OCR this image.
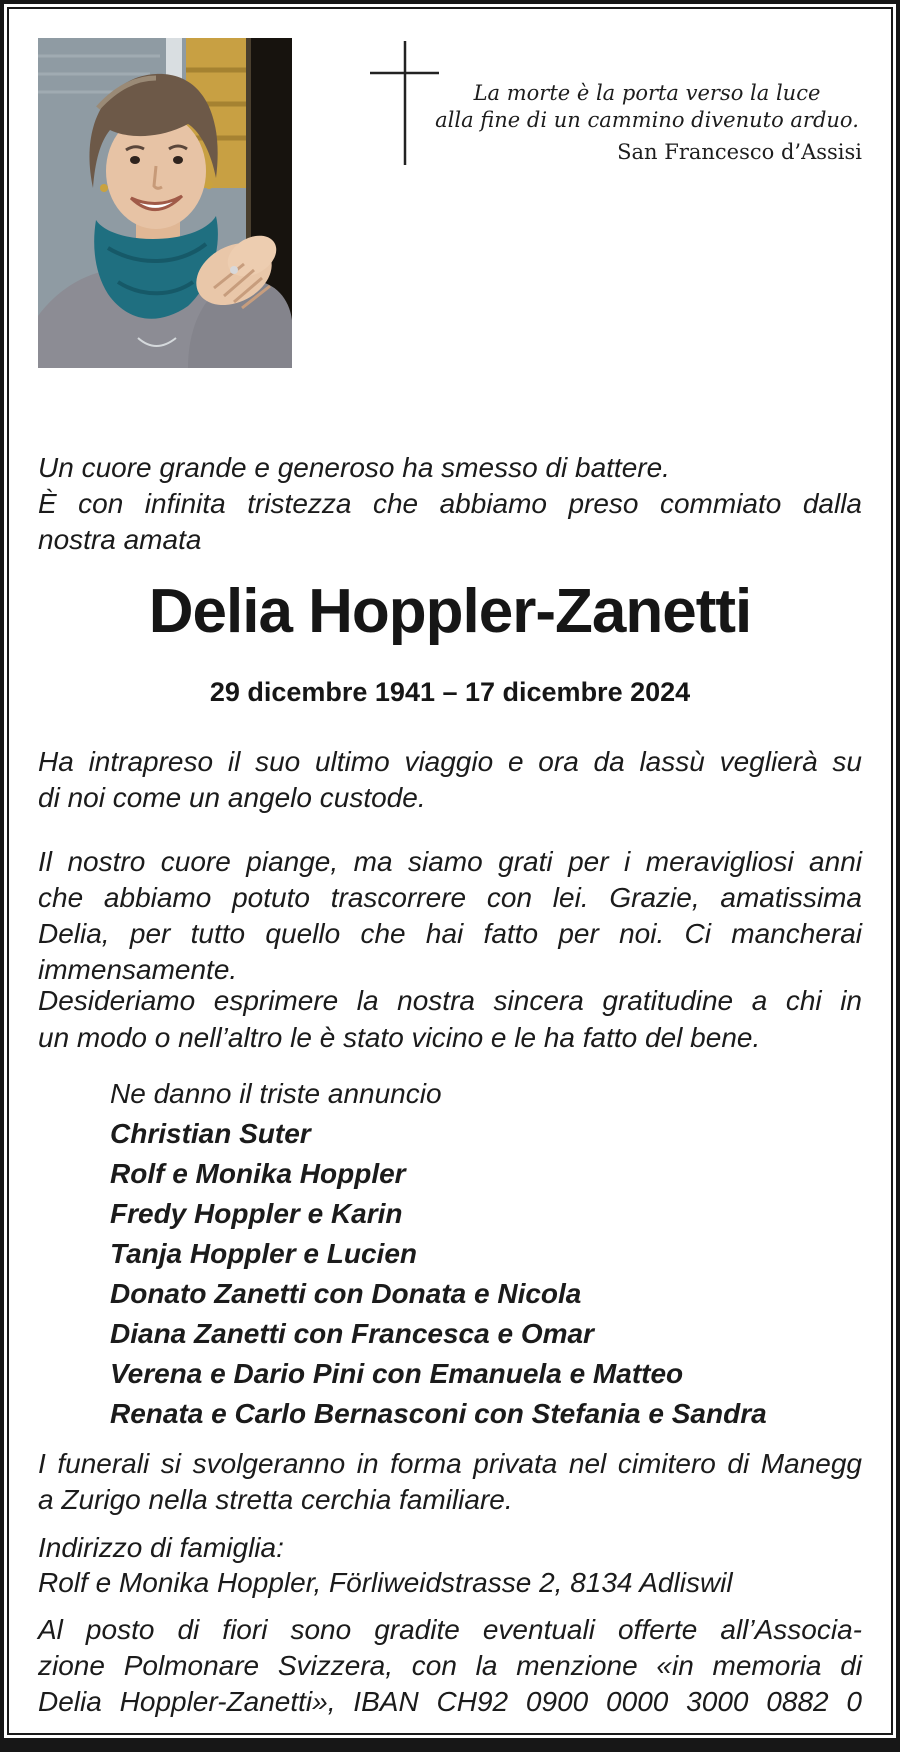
La morte è la porta verso la luce
alla fine di un cammino divenuto arduo.
San Francesco d’Assisi
Un cuore grande e generoso ha smesso di battere.
È con infinita tristezza che abbiamo preso commiato dalla
nostra amata
Delia Hoppler-Zanetti
29 dicembre 1941 – 17 dicembre 2024
Ha intrapreso il suo ultimo viaggio e ora da lassù veglierà su
di noi come un angelo custode.
Il nostro cuore piange, ma siamo grati per i meravigliosi anni
che abbiamo potuto trascorrere con lei. Grazie, amatissima
Delia, per tutto quello che hai fatto per noi. Ci mancherai
immensamente.
Desideriamo esprimere la nostra sincera gratitudine a chi in
un modo o nell’altro le è stato vicino e le ha fatto del bene.
Ne danno il triste annuncio
Christian Suter
Rolf e Monika Hoppler
Fredy Hoppler e Karin
Tanja Hoppler e Lucien
Donato Zanetti con Donata e Nicola
Diana Zanetti con Francesca e Omar
Verena e Dario Pini con Emanuela e Matteo
Renata e Carlo Bernasconi con Stefania e Sandra
I funerali si svolgeranno in forma privata nel cimitero di Manegg
a Zurigo nella stretta cerchia familiare.
Indirizzo di famiglia:
Rolf e Monika Hoppler, Förliweidstrasse 2, 8134 Adliswil
Al posto di fiori sono gradite eventuali offerte all’Associa-
zione Polmonare Svizzera, con la menzione «in memoria di
Delia Hoppler-Zanetti», IBAN CH92 0900 0000 3000 0882 0
